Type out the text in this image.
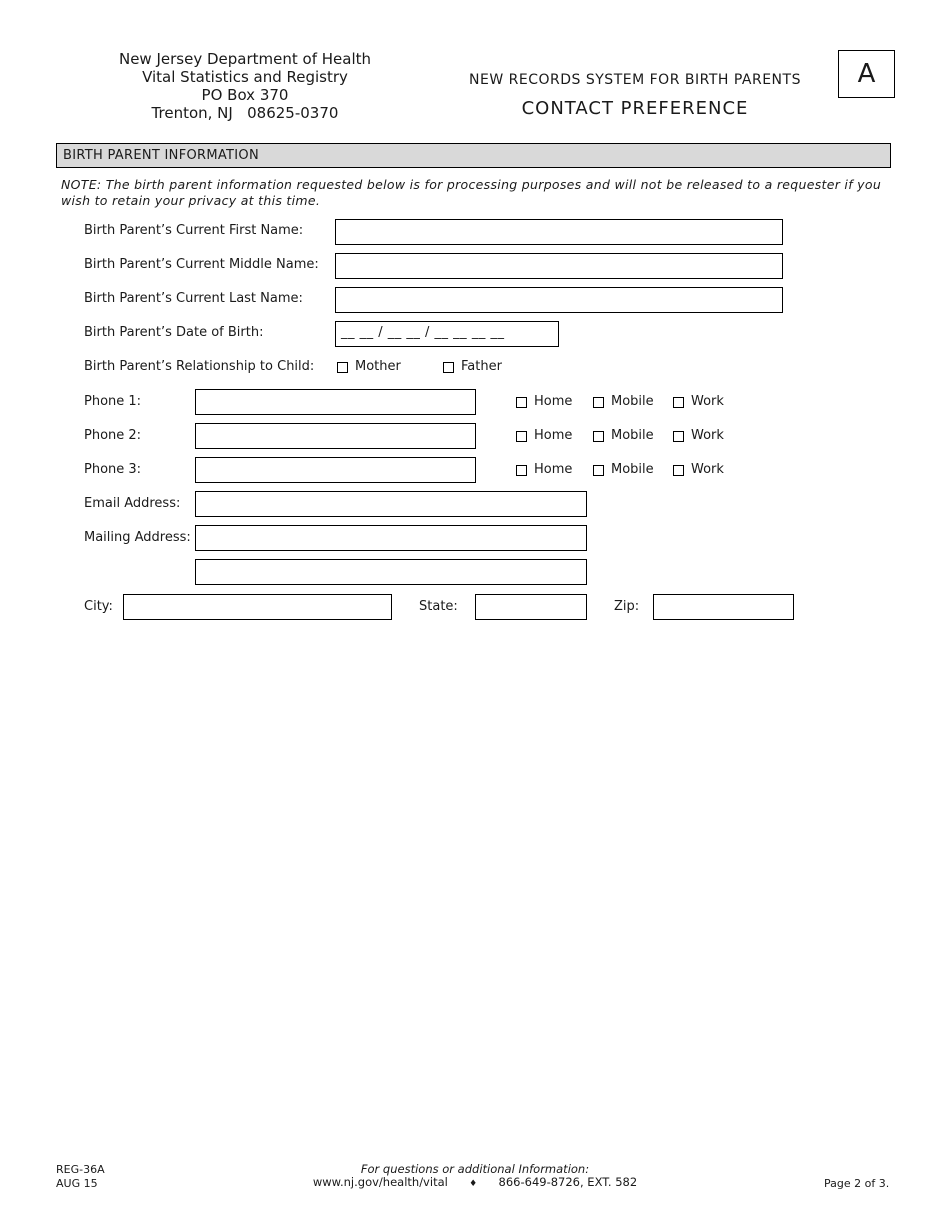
New Jersey Department of Health
Vital Statistics and Registry
PO Box 370
Trenton, NJ   08625-0370
NEW RECORDS SYSTEM FOR BIRTH PARENTS
CONTACT PREFERENCE
A
BIRTH PARENT INFORMATION
NOTE: The birth parent information requested below is for processing purposes and will not be released to a requester if you wish to retain your privacy at this time.
Birth Parent’s Current First Name:
Birth Parent’s Current Middle Name:
Birth Parent’s Current Last Name:
Birth Parent’s Date of Birth:	__ __ / __ __ / __ __ __ __
Birth Parent’s Relationship to Child:	Mother	Father
Phone 1:	Home	Mobile	Work
Phone 2:	Home	Mobile	Work
Phone 3:	Home	Mobile	Work
Email Address:
Mailing Address:
City:	State:	Zip:
REG-36A
AUG 15
For questions or additional Information:
www.nj.gov/health/vital ♦ 866-649-8726, EXT. 582	Page 2 of 3.
